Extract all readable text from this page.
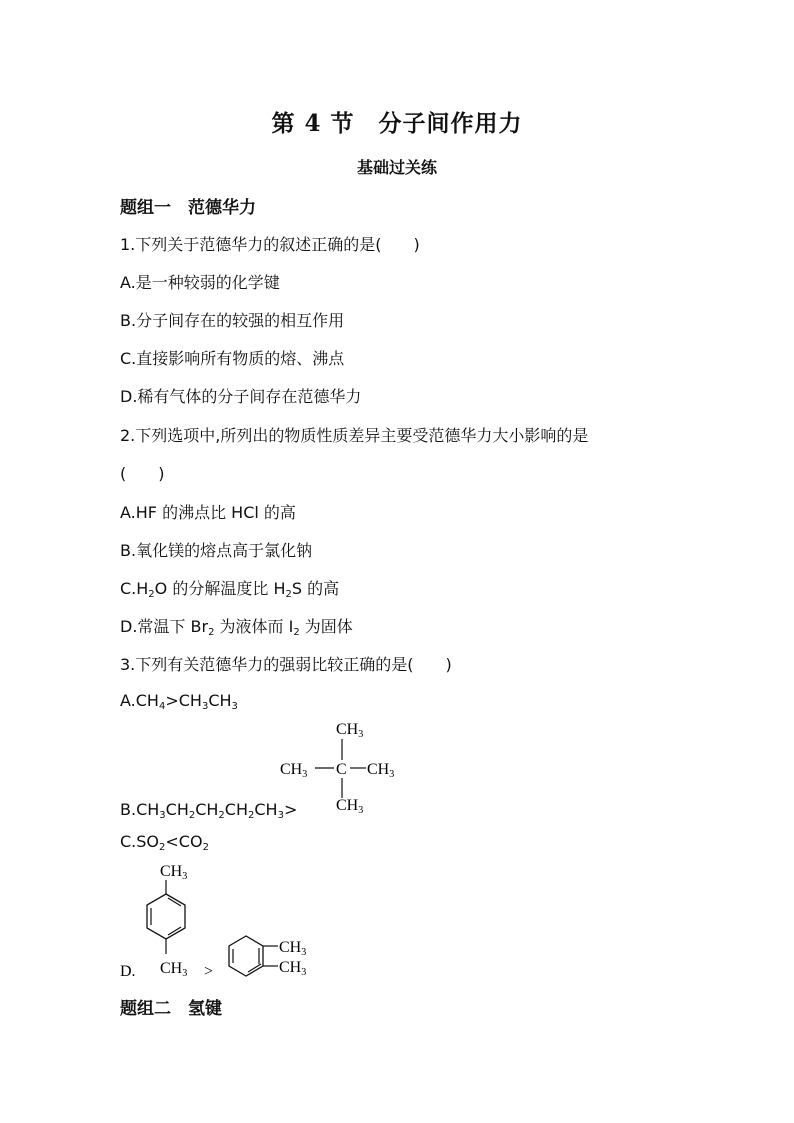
第 4 节　分子间作用力
基础过关练
题组一　范德华力
1.下列关于范德华力的叙述正确的是(　　)
A.是一种较弱的化学键
B.分子间存在的较强的相互作用
C.直接影响所有物质的熔、沸点
D.稀有气体的分子间存在范德华力
2.下列选项中,所列出的物质性质差异主要受范德华力大小影响的是
(　　)
A.HF 的沸点比 HCl 的高
B.氧化镁的熔点高于氯化钠
$C.H_2O$ 的分解温度比 $H_2S$ 的高
D.常温下 $Br_2$ 为液体而 $I_2$ 为固体
3.下列有关范德华力的强弱比较正确的是(　　)
$A.CH_4>CH_3CH_3$
CH3
CH3 C CH3
CH3
$B.CH_3CH_2CH_2CH_2CH_3>$
$C.SO_2<CO_2$
CH3
CH3
D.	>
CH3
CH3
题组二　氢键
